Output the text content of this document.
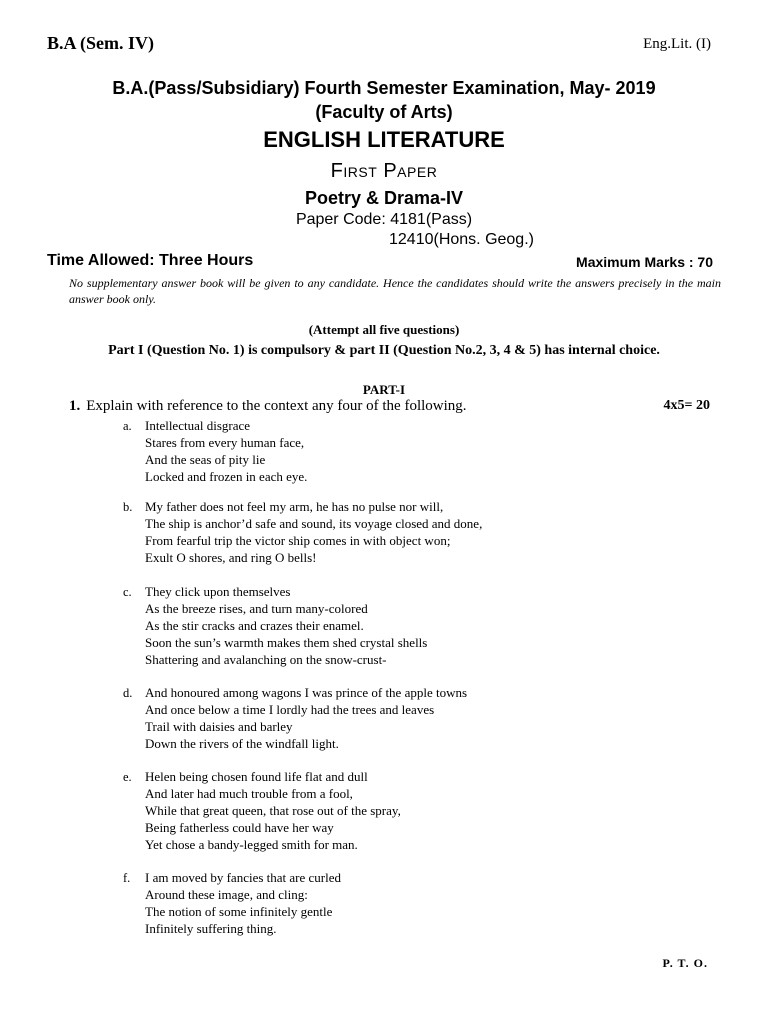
B.A (Sem. IV)	Eng.Lit. (I)
B.A.(Pass/Subsidiary) Fourth Semester Examination, May- 2019
(Faculty of Arts)
ENGLISH LITERATURE
First Paper
Poetry & Drama-IV
Paper Code: 4181(Pass)
12410(Hons. Geog.)
Time Allowed: Three Hours	Maximum Marks : 70
No supplementary answer book will be given to any candidate. Hence the candidates should write the answers precisely in the main answer book only.
(Attempt all five questions)
Part I (Question No. 1) is compulsory & part II (Question No.2, 3, 4 & 5) has internal choice.
PART-I
1. Explain with reference to the context any four of the following.	4x5= 20
a. Intellectual disgrace
Stares from every human face,
And the seas of pity lie
Locked and frozen in each eye.
b. My father does not feel my arm, he has no pulse nor will,
The ship is anchor’d safe and sound, its voyage closed and done,
From fearful trip the victor ship comes in with object won;
Exult O shores, and ring O bells!
c. They click upon themselves
As the breeze rises, and turn many-colored
As the stir cracks and crazes their enamel.
Soon the sun’s warmth makes them shed crystal shells
Shattering and avalanching on the snow-crust-
d. And honoured among wagons I was prince of the apple towns
And once below a time I lordly had the trees and leaves
Trail with daisies and barley
Down the rivers of the windfall light.
e. Helen being chosen found life flat and dull
And later had much trouble from a fool,
While that great queen, that rose out of the spray,
Being fatherless could have her way
Yet chose a bandy-legged smith for man.
f. I am moved by fancies that are curled
Around these image, and cling:
The notion of some infinitely gentle
Infinitely suffering thing.
P. T. O.
